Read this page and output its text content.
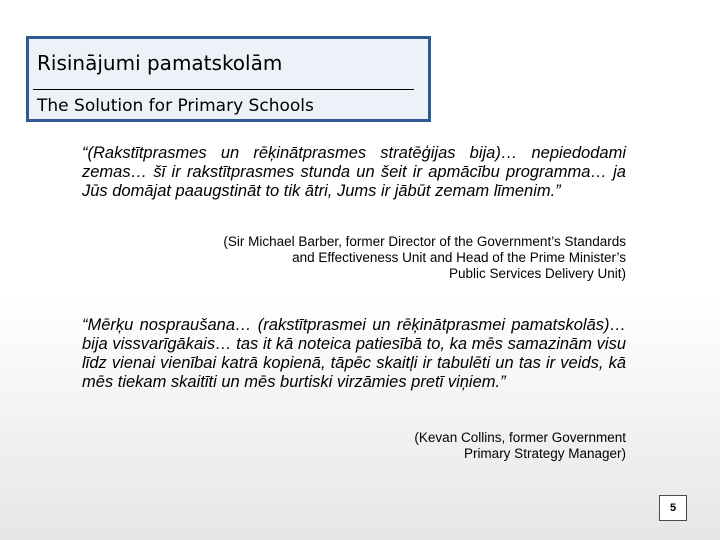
Risinājumi pamatskolām
The Solution for Primary Schools

“(Rakstītprasmes un rēķinātprasmes stratēģijas bija)… nepiedodami zemas… šī ir rakstītprasmes stunda un šeit ir apmācību programma… ja Jūs domājat paaugstināt to tik ātri, Jums ir jābūt zemam līmenim.”

(Sir Michael Barber, former Director of the Government’s Standards
and Effectiveness Unit and Head of the Prime Minister’s
Public Services Delivery Unit)

“Mērķu nospraušana… (rakstītprasmei un rēķinātprasmei pamatskolās)… bija vissvarīgākais… tas it kā noteica patiesībā to, ka mēs samazinām visu līdz vienai vienībai katrā kopienā, tāpēc skaitļi ir tabulēti un tas ir veids, kā mēs tiekam skaitīti un mēs burtiski virzāmies pretī viņiem.”

(Kevan Collins, former Government
Primary Strategy Manager)

5
